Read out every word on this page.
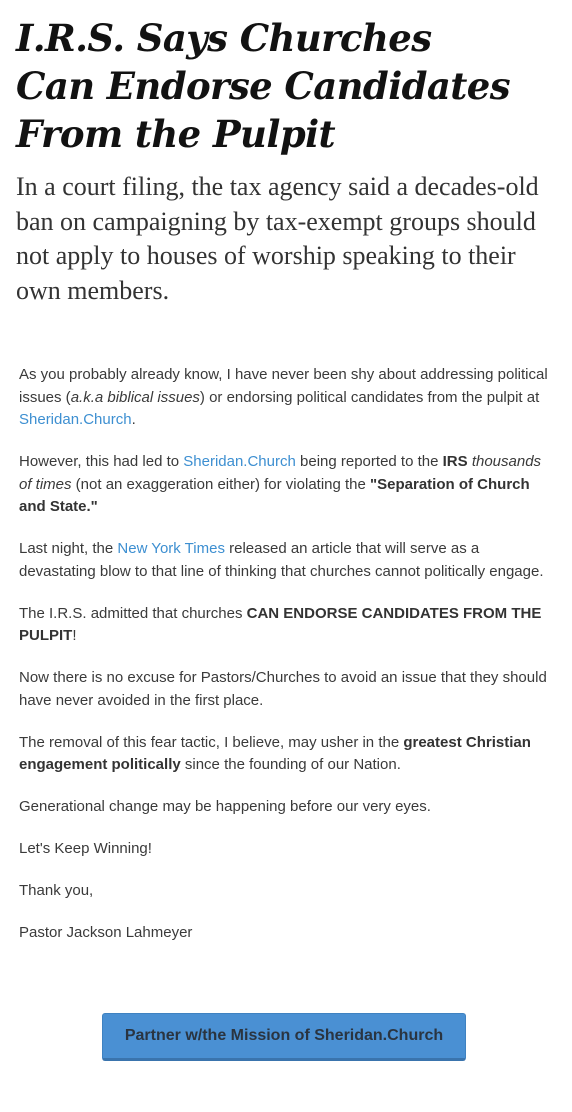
I.R.S. Says Churches
Can Endorse Candidates
From the Pulpit

In a court filing, the tax agency said a decades-old ban on campaigning by tax-exempt groups should not apply to houses of worship speaking to their own members.

As you probably already know, I have never been shy about addressing political issues (a.k.a biblical issues) or endorsing political candidates from the pulpit at Sheridan.Church.

However, this had led to Sheridan.Church being reported to the IRS thousands of times (not an exaggeration either) for violating the "Separation of Church and State."

Last night, the New York Times released an article that will serve as a devastating blow to that line of thinking that churches cannot politically engage.

The I.R.S. admitted that churches CAN ENDORSE CANDIDATES FROM THE PULPIT!

Now there is no excuse for Pastors/Churches to avoid an issue that they should have never avoided in the first place.

The removal of this fear tactic, I believe, may usher in the greatest Christian engagement politically since the founding of our Nation.

Generational change may be happening before our very eyes.

Let's Keep Winning!

Thank you,

Pastor Jackson Lahmeyer

Partner w/the Mission of Sheridan.Church
